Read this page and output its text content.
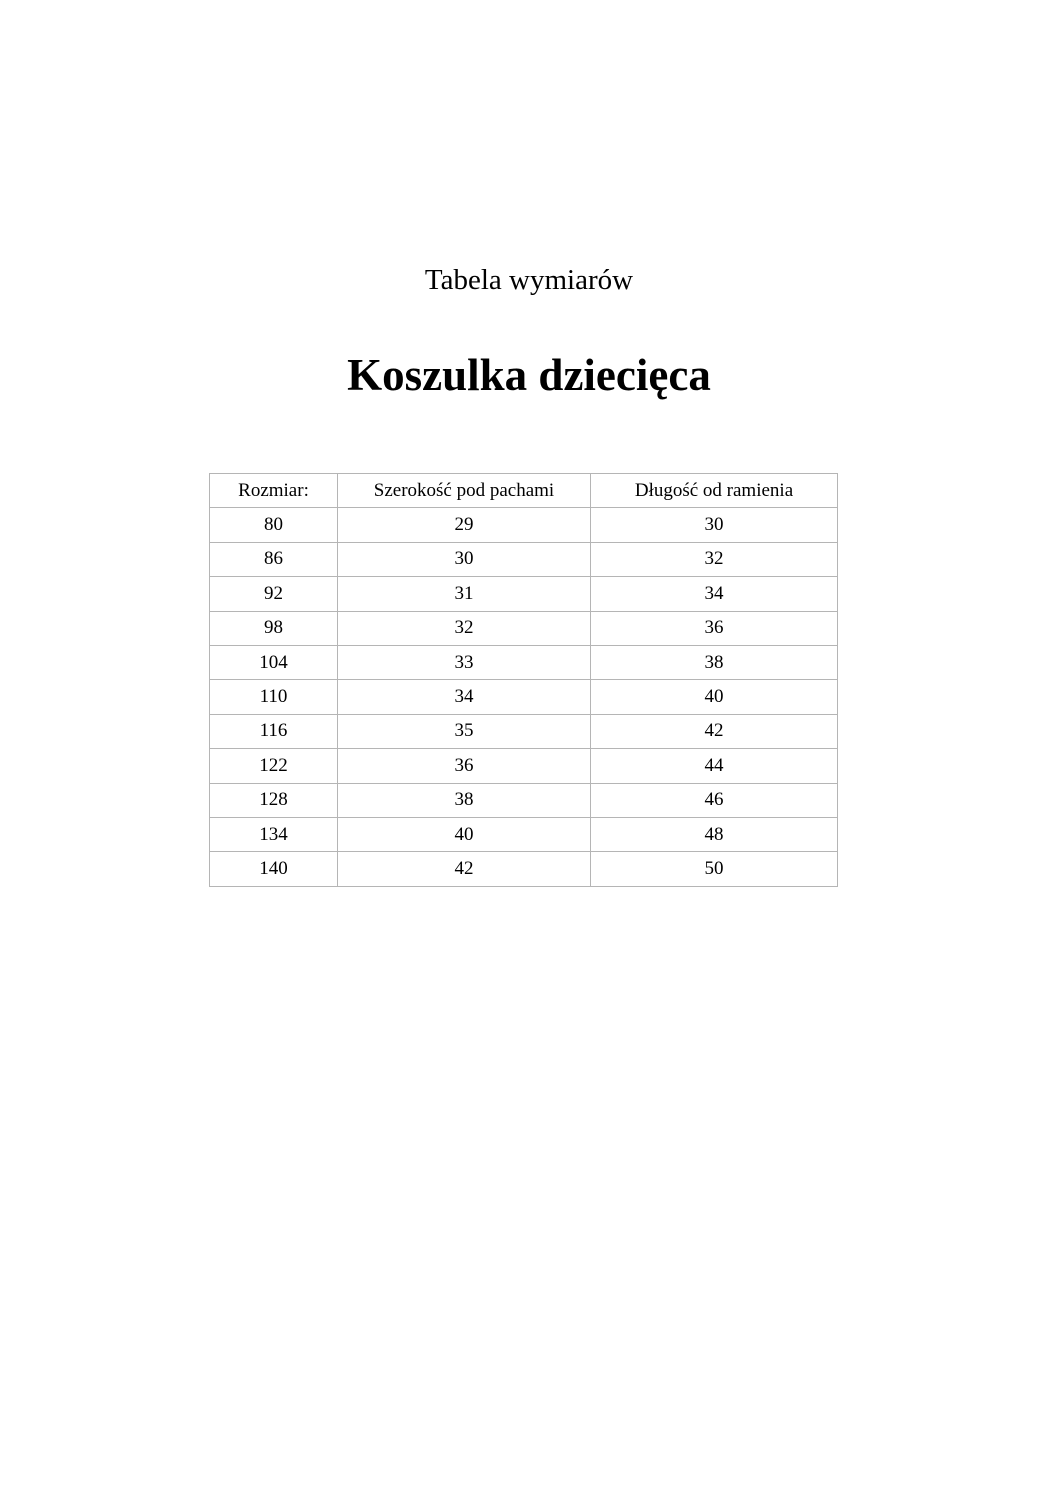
Tabela wymiarów
Koszulka dziecięca
Rozmiar:	Szerokość pod pachami	Długość od ramienia
80	29	30
86	30	32
92	31	34
98	32	36
104	33	38
110	34	40
116	35	42
122	36	44
128	38	46
134	40	48
140	42	50
